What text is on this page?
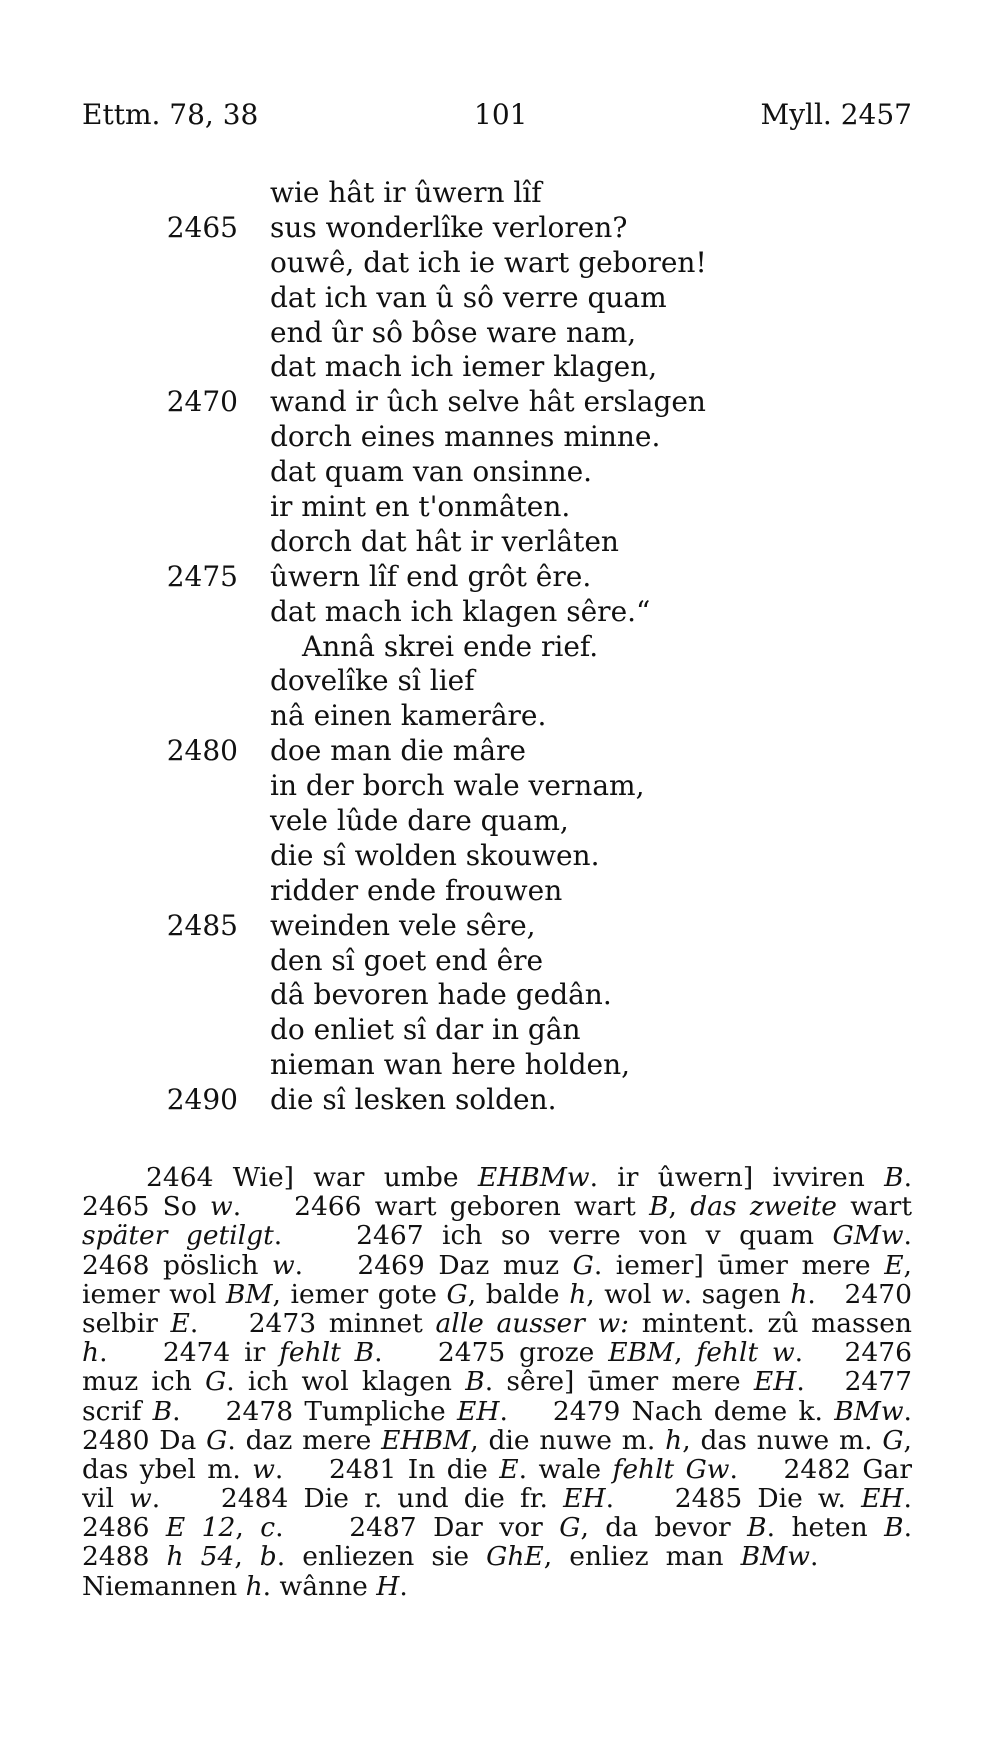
Ettm. 78, 38	101	Myll. 2457
wie hât ir ûwern lîf
2465 sus wonderlîke verloren?
ouwê, dat ich ie wart geboren!
dat ich van û sô verre quam
end ûr sô bôse ware nam,
dat mach ich iemer klagen,
2470 wand ir ûch selve hât erslagen
dorch eines mannes minne.
dat quam van onsinne.
ir mint en t'onmâten.
dorch dat hât ir verlâten
2475 ûwern lîf end grôt êre.
dat mach ich klagen sêre.“
Annâ skrei ende rief.
dovelîke sî lief
nâ einen kamerâre.
2480 doe man die mâre
in der borch wale vernam,
vele lûde dare quam,
die sî wolden skouwen.
ridder ende frouwen
2485 weinden vele sêre,
den sî goet end êre
dâ bevoren hade gedân.
do enliet sî dar in gân
nieman wan here holden,
2490 die sî lesken solden.
2464 Wie] war umbe EHBMw. ir ûwern] ivviren B.
2465 So w.    2466 wart geboren wart B, das zweite wart
später getilgt.    2467 ich so verre von v quam GMw.
2468 pöslich w.    2469 Daz muz G. iemer] ūmer mere E,
iemer wol BM, iemer gote G, balde h, wol w. sagen h.   2470
selbir E.    2473 minnet alle ausser w: mintent. zû massen
h.    2474 ir fehlt B.    2475 groze EBM, fehlt w.   2476
muz ich G. ich wol klagen B. sêre] ūmer mere EH.   2477
scrif B.    2478 Tumpliche EH.    2479 Nach deme k. BMw.
2480 Da G. daz mere EHBM, die nuwe m. h, das nuwe m. G,
das ybel m. w.    2481 In die E. wale fehlt Gw.    2482 Gar
vil w.    2484 Die r. und die fr. EH.    2485 Die w. EH.
2486 E 12, c.    2487 Dar vor G, da bevor B. heten B.
2488 h 54, b. enliezen sie GhE, enliez man BMw.
Niemannen h. wânne H.
